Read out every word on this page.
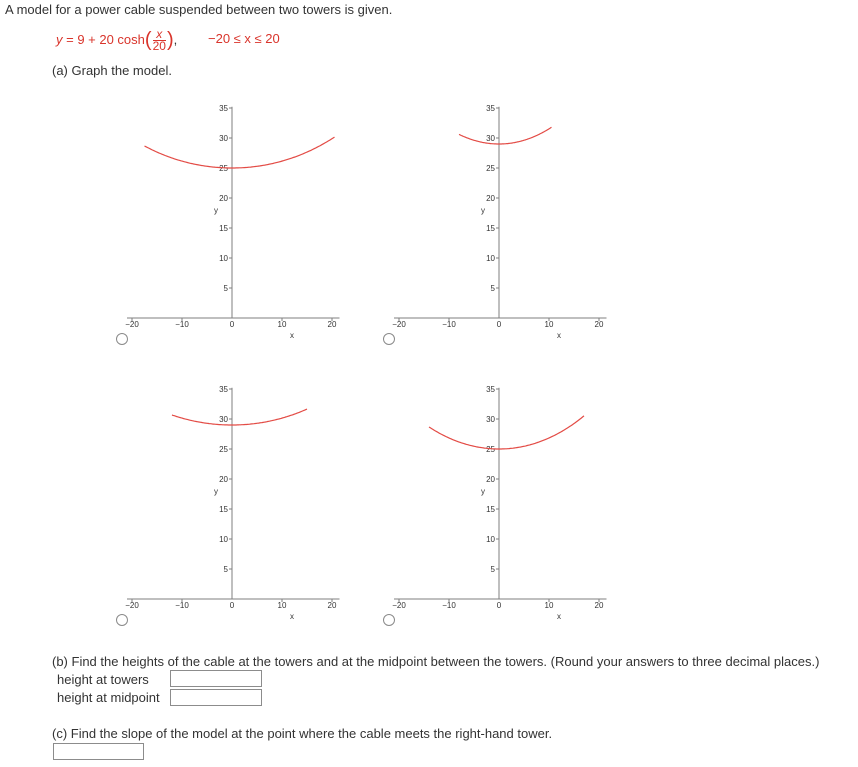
A model for a power cable suspended between two towers is given.
y = 9 + 20 $\cosh( \frac{x}{20}$ ), −20 ≤ x ≤ 20
(a) Graph the model.
−20	−10	0	10	20
5
10
15
20
25
30
35
x
y
−20	−10	0	10	20
5
10
15
20
25
30
35
x
y
−20	−10	0	10	20
5
10
15
20
25
30
35
x
y
−20	−10	0	10	20
5
10
15
20
25
30
35
x
y
(b) Find the heights of the cable at the towers and at the midpoint between the towers. (Round your answers to three decimal places.)
height at towers
height at midpoint
(c) Find the slope of the model at the point where the cable meets the right-hand tower.
